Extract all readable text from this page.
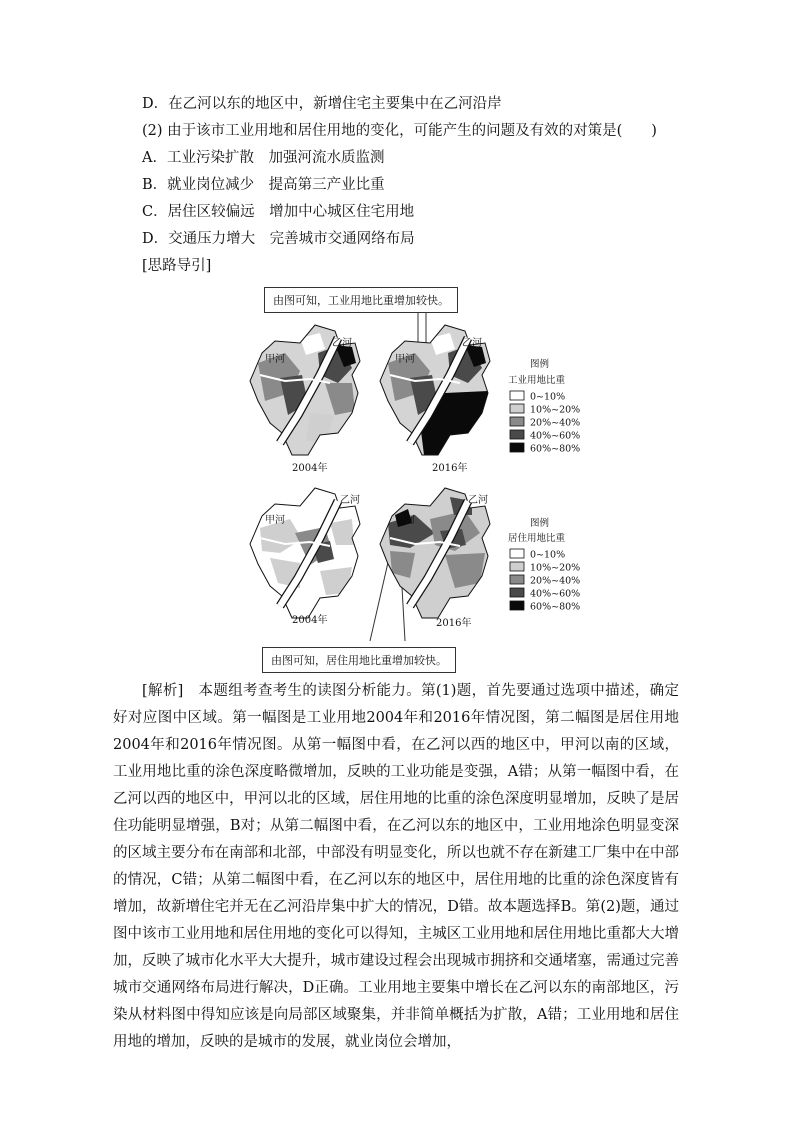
D．在乙河以东的地区中，新增住宅主要集中在乙河沿岸
(2) 由于该市工业用地和居住用地的变化，可能产生的问题及有效的对策是(　　)
A．工业污染扩散　加强河流水质监测
B．就业岗位减少　提高第三产业比重
C．居住区较偏远　增加中心城区住宅用地
D．交通压力增大　完善城市交通网络布局
[思路导引]
甲河
乙河
甲河
乙河
甲河
乙河
甲河
乙河
2004年	2016年
2004年	2016年
图例
工业用地比重
0~10%
10%~20%
20%~40%
40%~60%
60%~80%
图例
居住用地比重
0~10%
10%~20%
20%~40%
40%~60%
60%~80%
由图可知，工业用地比重增加较快。
由图可知，居住用地比重增加较快。
[解析]　 本题组考查考生的读图分析能力。第(1)题，首先要通过选项中描述，确定好对应图中区域。第一幅图是工业用地2004年和2016年情况图，第二幅图是居住用地2004年和2016年情况图。从第一幅图中看，在乙河以西的地区中，甲河以南的区域，工业用地比重的涂色深度略微增加，反映的工业功能是变强，A错；从第一幅图中看，在乙河以西的地区中，甲河以北的区域，居住用地的比重的涂色深度明显增加，反映了是居住功能明显增强，B对；从第二幅图中看，在乙河以东的地区中，工业用地涂色明显变深的区域主要分布在南部和北部，中部没有明显变化，所以也就不存在新建工厂集中在中部的情况，C错；从第二幅图中看，在乙河以东的地区中，居住用地的比重的涂色深度皆有增加，故新增住宅并无在乙河沿岸集中扩大的情况，D错。故本题选择B。第(2)题，通过图中该市工业用地和居住用地的变化可以得知，主城区工业用地和居住用地比重都大大增加，反映了城市化水平大大提升，城市建设过程会出现城市拥挤和交通堵塞，需通过完善城市交通网络布局进行解决，D正确。工业用地主要集中增长在乙河以东的南部地区，污染从材料图中得知应该是向局部区域聚集，并非简单概括为扩散，A错；工业用地和居住用地的增加，反映的是城市的发展，就业岗位会增加，
